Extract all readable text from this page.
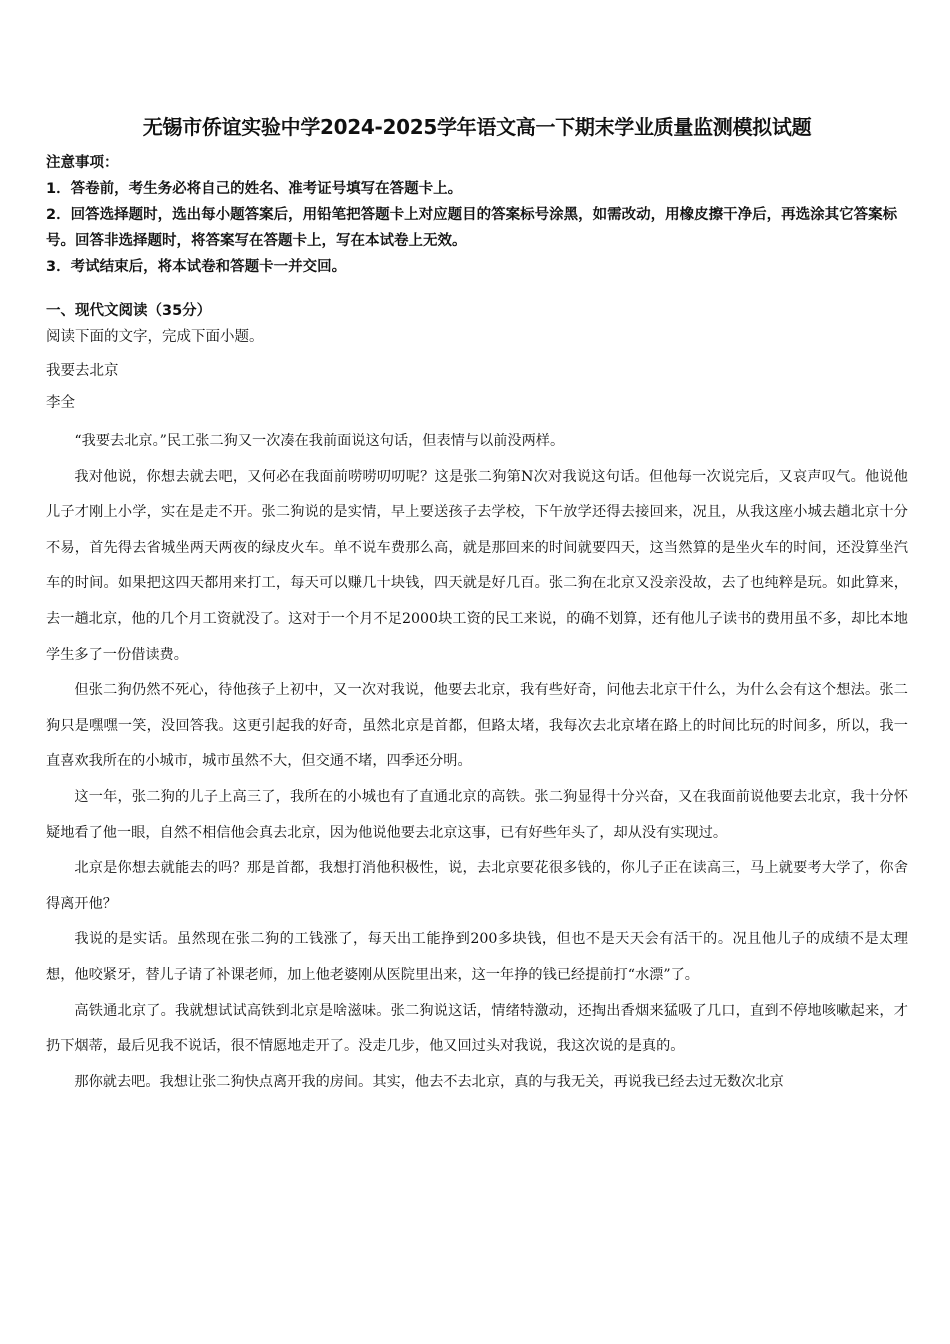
无锡市侨谊实验中学2024-2025学年语文高一下期末学业质量监测模拟试题

注意事项：

1．答卷前，考生务必将自己的姓名、准考证号填写在答题卡上。

2．回答选择题时，选出每小题答案后，用铅笔把答题卡上对应题目的答案标号涂黑，如需改动，用橡皮擦干净后，再选涂其它答案标号。回答非选择题时，将答案写在答题卡上，写在本试卷上无效。

3．考试结束后，将本试卷和答题卡一并交回。

一、现代文阅读（35分）

阅读下面的文字，完成下面小题。

我要去北京

李全

“我要去北京。”民工张二狗又一次凑在我前面说这句话，但表情与以前没两样。

我对他说，你想去就去吧，又何必在我面前唠唠叨叨呢？这是张二狗第N次对我说这句话。但他每一次说完后，又哀声叹气。他说他儿子才刚上小学，实在是走不开。张二狗说的是实情，早上要送孩子去学校，下午放学还得去接回来，况且，从我这座小城去趟北京十分不易，首先得去省城坐两天两夜的绿皮火车。单不说车费那么高，就是那回来的时间就要四天，这当然算的是坐火车的时间，还没算坐汽车的时间。如果把这四天都用来打工，每天可以赚几十块钱，四天就是好几百。张二狗在北京又没亲没故，去了也纯粹是玩。如此算来，去一趟北京，他的几个月工资就没了。这对于一个月不足2000块工资的民工来说，的确不划算，还有他儿子读书的费用虽不多，却比本地学生多了一份借读费。

但张二狗仍然不死心，待他孩子上初中，又一次对我说，他要去北京，我有些好奇，问他去北京干什么，为什么会有这个想法。张二狗只是嘿嘿一笑，没回答我。这更引起我的好奇，虽然北京是首都，但路太堵，我每次去北京堵在路上的时间比玩的时间多，所以，我一直喜欢我所在的小城市，城市虽然不大，但交通不堵，四季还分明。

这一年，张二狗的儿子上高三了，我所在的小城也有了直通北京的高铁。张二狗显得十分兴奋，又在我面前说他要去北京，我十分怀疑地看了他一眼，自然不相信他会真去北京，因为他说他要去北京这事，已有好些年头了，却从没有实现过。

北京是你想去就能去的吗？那是首都，我想打消他积极性，说，去北京要花很多钱的，你儿子正在读高三，马上就要考大学了，你舍得离开他？

我说的是实话。虽然现在张二狗的工钱涨了，每天出工能挣到200多块钱，但也不是天天会有活干的。况且他儿子的成绩不是太理想，他咬紧牙，替儿子请了补课老师，加上他老婆刚从医院里出来，这一年挣的钱已经提前打“水漂”了。

高铁通北京了。我就想试试高铁到北京是啥滋味。张二狗说这话，情绪特激动，还掏出香烟来猛吸了几口，直到不停地咳嗽起来，才扔下烟蒂，最后见我不说话，很不情愿地走开了。没走几步，他又回过头对我说，我这次说的是真的。

那你就去吧。我想让张二狗快点离开我的房间。其实，他去不去北京，真的与我无关，再说我已经去过无数次北京
